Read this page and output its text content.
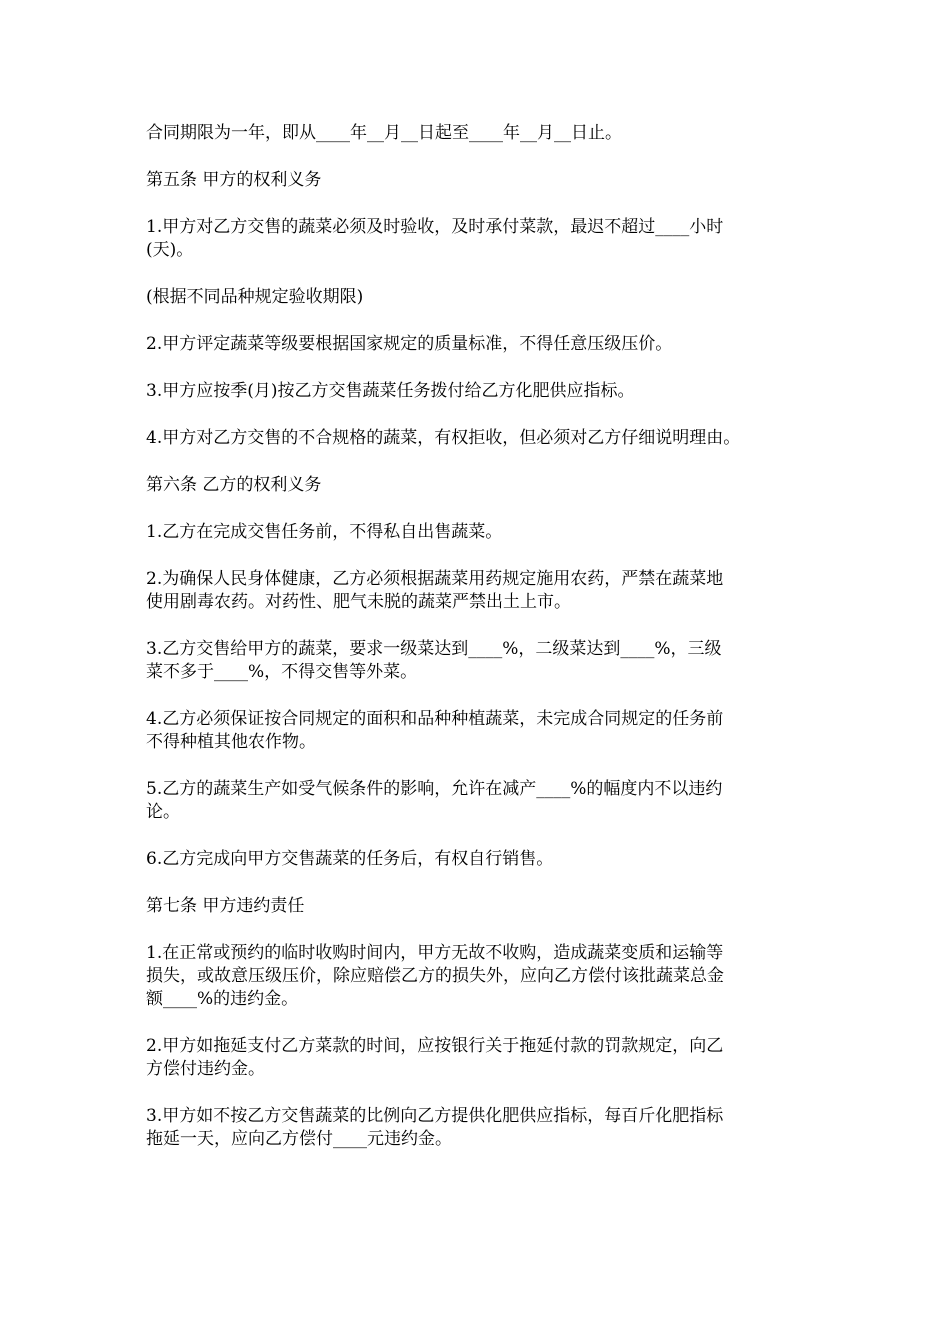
合同期限为一年，即从____年__月__日起至____年__月__日止。
第五条 甲方的权利义务
1.甲方对乙方交售的蔬菜必须及时验收，及时承付菜款，最迟不超过____小时
(天)。
(根据不同品种规定验收期限)
2.甲方评定蔬菜等级要根据国家规定的质量标准，不得任意压级压价。
3.甲方应按季(月)按乙方交售蔬菜任务拨付给乙方化肥供应指标。
4.甲方对乙方交售的不合规格的蔬菜，有权拒收，但必须对乙方仔细说明理由。
第六条 乙方的权利义务
1.乙方在完成交售任务前，不得私自出售蔬菜。
2.为确保人民身体健康，乙方必须根据蔬菜用药规定施用农药，严禁在蔬菜地
使用剧毒农药。对药性、肥气未脱的蔬菜严禁出土上市。
3.乙方交售给甲方的蔬菜，要求一级菜达到____%，二级菜达到____%，三级
菜不多于____%，不得交售等外菜。
4.乙方必须保证按合同规定的面积和品种种植蔬菜，未完成合同规定的任务前
不得种植其他农作物。
5.乙方的蔬菜生产如受气候条件的影响，允许在减产____%的幅度内不以违约
论。
6.乙方完成向甲方交售蔬菜的任务后，有权自行销售。
第七条 甲方违约责任
1.在正常或预约的临时收购时间内，甲方无故不收购，造成蔬菜变质和运输等
损失，或故意压级压价，除应赔偿乙方的损失外，应向乙方偿付该批蔬菜总金
额____%的违约金。
2.甲方如拖延支付乙方菜款的时间，应按银行关于拖延付款的罚款规定，向乙
方偿付违约金。
3.甲方如不按乙方交售蔬菜的比例向乙方提供化肥供应指标，每百斤化肥指标
拖延一天，应向乙方偿付____元违约金。
